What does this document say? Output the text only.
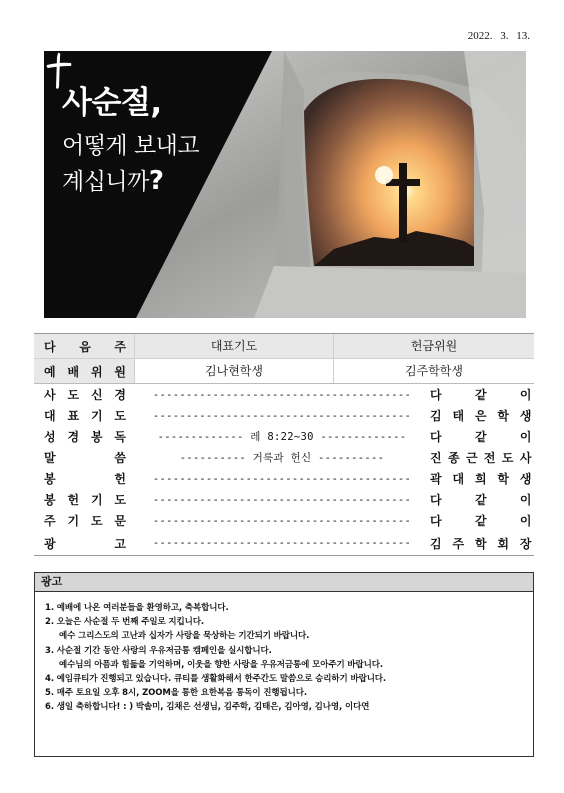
2022. 3. 13.
사순절,
어떻게 보내고
계십니까?
다 음 주	대표기도	헌금위원
예 배 위 원	김나현학생	김주학학생
사 도 신 경	---------------------------------------	다	같	이
대 표 기 도	---------------------------------------	김 태 은 학 생
성 경 봉 독	------------- 레 8:22~30 -------------	다	같	이
말	씀	---------- 거룩과 헌신 ----------	진 종 근 전 도 사
봉	헌	---------------------------------------	곽 대 희 학 생
봉 헌 기 도	---------------------------------------	다	같	이
주 기 도 문	---------------------------------------	다	같	이
광	고	---------------------------------------	김 주 학 회 장
광고
1. 예배에 나온 여러분들을 환영하고, 축복합니다.
2. 오늘은 사순절 두 번째 주일로 지킵니다.
예수 그리스도의 고난과 십자가 사랑을 묵상하는 기간되기 바랍니다.
3. 사순절 기간 동안 사랑의 우유저금통 캠페인을 실시합니다.
예수님의 아픔과 힘듦을 기억하며, 이웃을 향한 사랑을 우유저금통에 모아주기 바랍니다.
4. 예임큐티가 진행되고 있습니다. 큐티를 생활화해서 한주간도 말씀으로 승리하기 바랍니다.
5. 매주 토요일 오후 8시, ZOOM을 통한 요한복음 통독이 진행됩니다.
6. 생일 축하합니다! : ) 박솔미, 김채은 선생님, 김주학, 김태은, 김아영, 김나영, 이다연
